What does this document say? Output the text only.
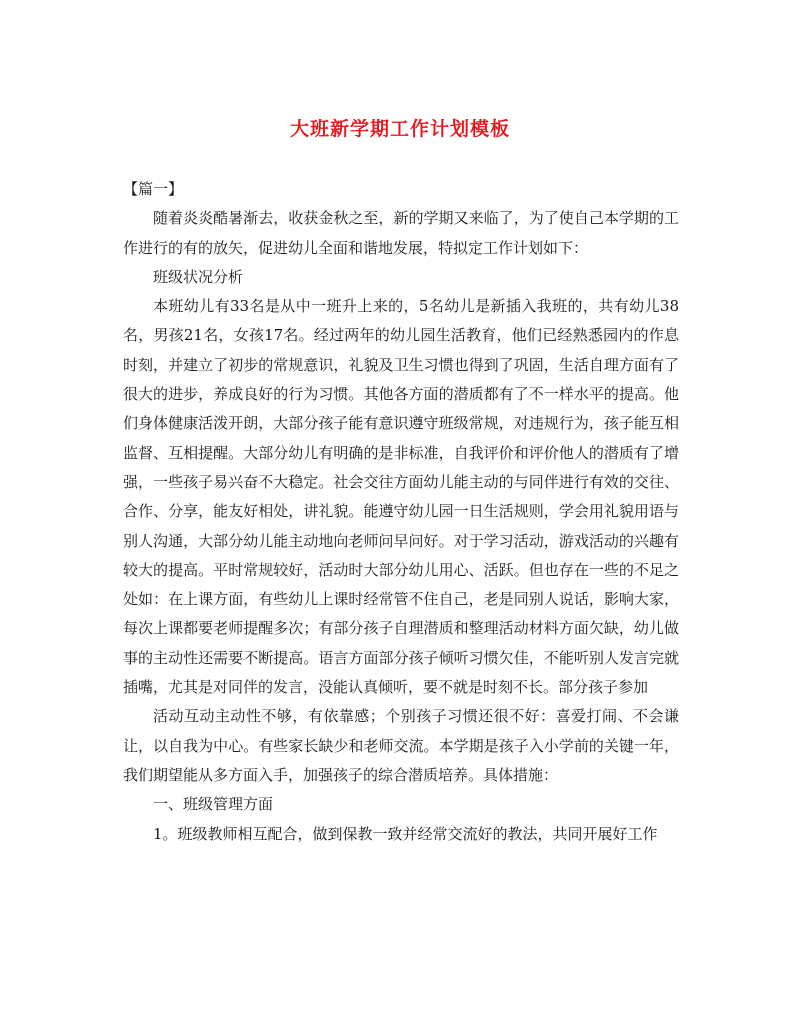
大班新学期工作计划模板

【篇一】

随着炎炎酷暑渐去，收获金秋之至，新的学期又来临了，为了使自己本学期的工作进行的有的放矢，促进幼儿全面和谐地发展，特拟定工作计划如下：

班级状况分析

本班幼儿有33名是从中一班升上来的，5名幼儿是新插入我班的，共有幼儿38名，男孩21名，女孩17名。经过两年的幼儿园生活教育，他们已经熟悉园内的作息时刻，并建立了初步的常规意识，礼貌及卫生习惯也得到了巩固，生活自理方面有了很大的进步，养成良好的行为习惯。其他各方面的潜质都有了不一样水平的提高。他们身体健康活泼开朗，大部分孩子能有意识遵守班级常规，对违规行为，孩子能互相监督、互相提醒。大部分幼儿有明确的是非标准，自我评价和评价他人的潜质有了增强，一些孩子易兴奋不大稳定。社会交往方面幼儿能主动的与同伴进行有效的交往、合作、分享，能友好相处，讲礼貌。能遵守幼儿园一日生活规则，学会用礼貌用语与别人沟通，大部分幼儿能主动地向老师问早问好。对于学习活动，游戏活动的兴趣有较大的提高。平时常规较好，活动时大部分幼儿用心、活跃。但也存在一些的不足之处如：在上课方面，有些幼儿上课时经常管不住自己，老是同别人说话，影响大家，每次上课都要老师提醒多次；有部分孩子自理潜质和整理活动材料方面欠缺，幼儿做事的主动性还需要不断提高。语言方面部分孩子倾听习惯欠佳，不能听别人发言完就插嘴，尤其是对同伴的发言，没能认真倾听，要不就是时刻不长。部分孩子参加

活动互动主动性不够，有依靠感；个别孩子习惯还很不好：喜爱打闹、不会谦让，以自我为中心。有些家长缺少和老师交流。本学期是孩子入小学前的关键一年，我们期望能从多方面入手，加强孩子的综合潜质培养。具体措施：

一、班级管理方面

1。班级教师相互配合，做到保教一致并经常交流好的教法，共同开展好工作
